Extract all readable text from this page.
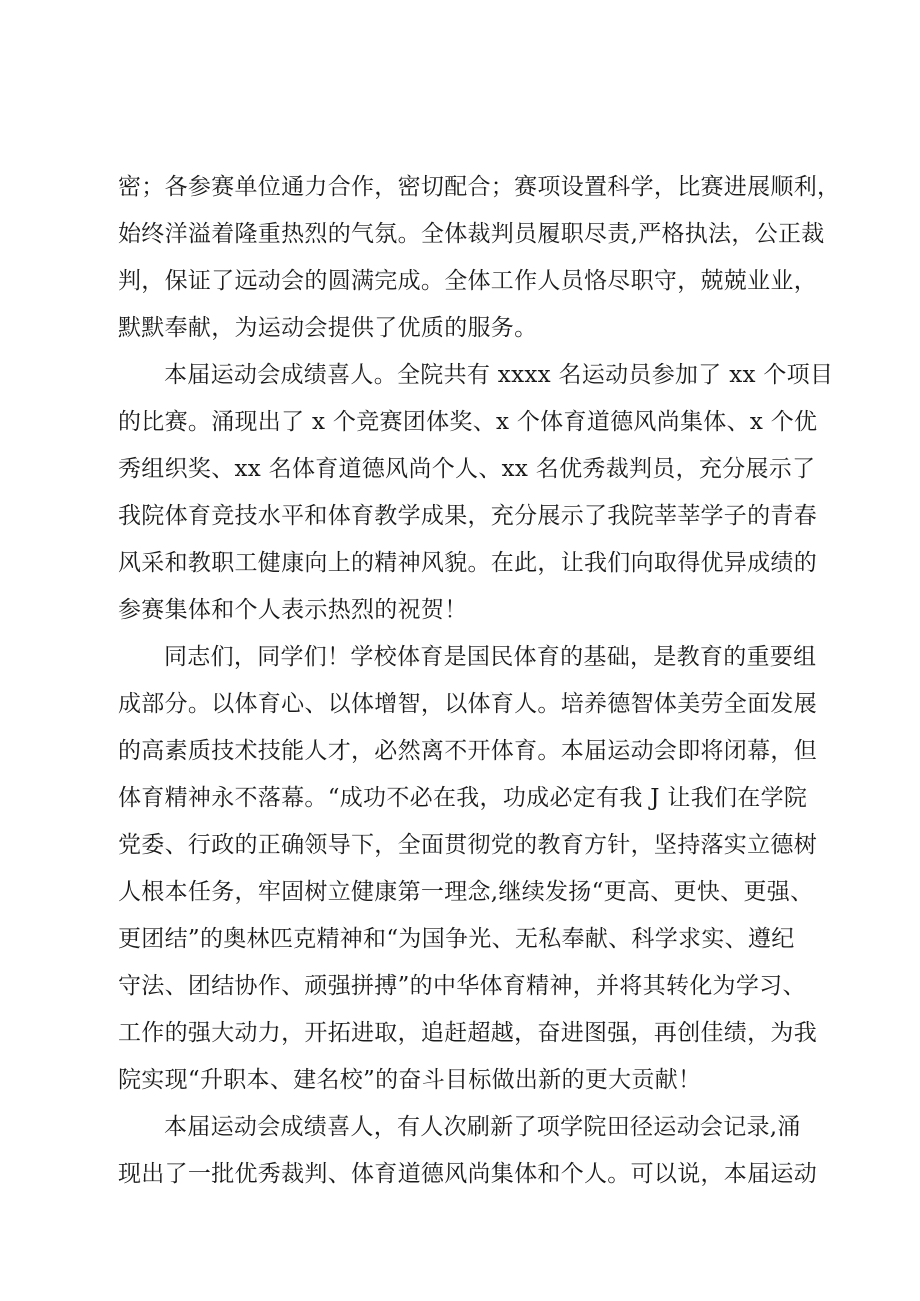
密；各参赛单位通力合作，密切配合；赛项设置科学，比赛进展顺利，
始终洋溢着隆重热烈的气氛。全体裁判员履职尽责,严格执法，公正裁
判，保证了远动会的圆满完成。全体工作人员恪尽职守，兢兢业业，
默默奉献，为运动会提供了优质的服务。
本届运动会成绩喜人。全院共有 xxxx 名运动员参加了 xx 个项目
的比赛。涌现出了 x 个竞赛团体奖、x 个体育道德风尚集体、x 个优
秀组织奖、xx 名体育道德风尚个人、xx 名优秀裁判员，充分展示了
我院体育竞技水平和体育教学成果，充分展示了我院莘莘学子的青春
风采和教职工健康向上的精神风貌。在此，让我们向取得优异成绩的
参赛集体和个人表示热烈的祝贺！
同志们，同学们！学校体育是国民体育的基础，是教育的重要组
成部分。以体育心、以体增智，以体育人。培养德智体美劳全面发展
的高素质技术技能人才，必然离不开体育。本届运动会即将闭幕，但
体育精神永不落幕。“成功不必在我，功成必定有我 J 让我们在学院
党委、行政的正确领导下，全面贯彻党的教育方针，坚持落实立德树
人根本任务，牢固树立健康第一理念,继续发扬“更高、更快、更强、
更团结”的奥林匹克精神和“为国争光、无私奉献、科学求实、遵纪
守法、团结协作、顽强拼搏”的中华体育精神，并将其转化为学习、
工作的强大动力，开拓进取，追赶超越，奋进图强，再创佳绩，为我
院实现“升职本、建名校”的奋斗目标做出新的更大贡献！
本届运动会成绩喜人，有人次刷新了项学院田径运动会记录,涌
现出了一批优秀裁判、体育道德风尚集体和个人。可以说，本届运动
